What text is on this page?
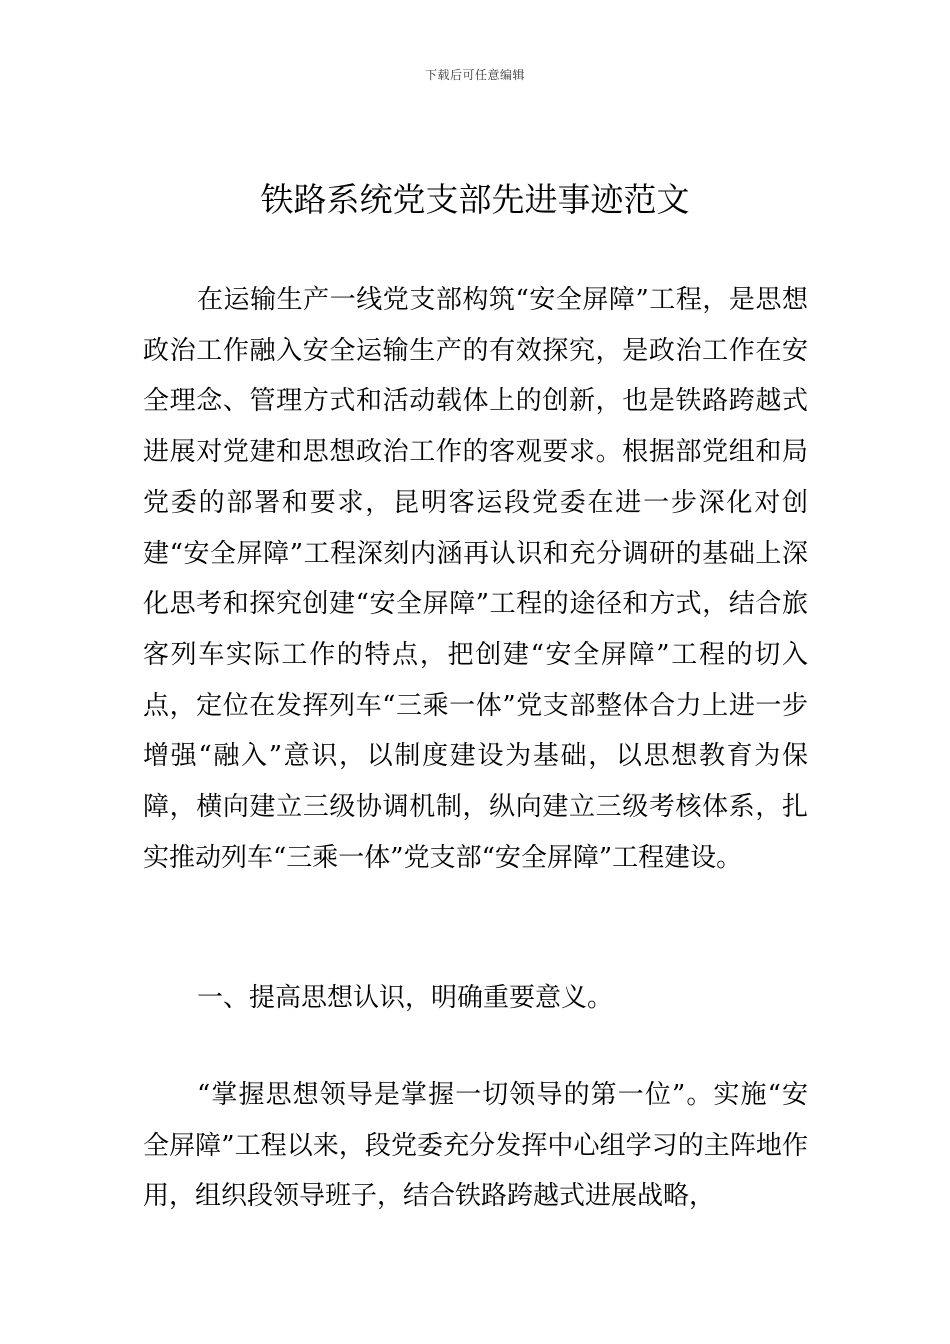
下载后可任意编辑
铁路系统党支部先进事迹范文

在运输生产一线党支部构筑“安全屏障”工程，是思想政治工作融入安全运输生产的有效探究，是政治工作在安全理念、管理方式和活动载体上的创新，也是铁路跨越式进展对党建和思想政治工作的客观要求。根据部党组和局党委的部署和要求，昆明客运段党委在进一步深化对创建“安全屏障”工程深刻内涵再认识和充分调研的基础上深化思考和探究创建“安全屏障”工程的途径和方式，结合旅客列车实际工作的特点，把创建“安全屏障”工程的切入点，定位在发挥列车“三乘一体”党支部整体合力上进一步增强“融入”意识，以制度建设为基础，以思想教育为保障，横向建立三级协调机制，纵向建立三级考核体系，扎实推动列车“三乘一体”党支部“安全屏障”工程建设。

一、提高思想认识，明确重要意义。

“掌握思想领导是掌握一切领导的第一位”。实施“安全屏障”工程以来，段党委充分发挥中心组学习的主阵地作用，组织段领导班子，结合铁路跨越式进展战略，
